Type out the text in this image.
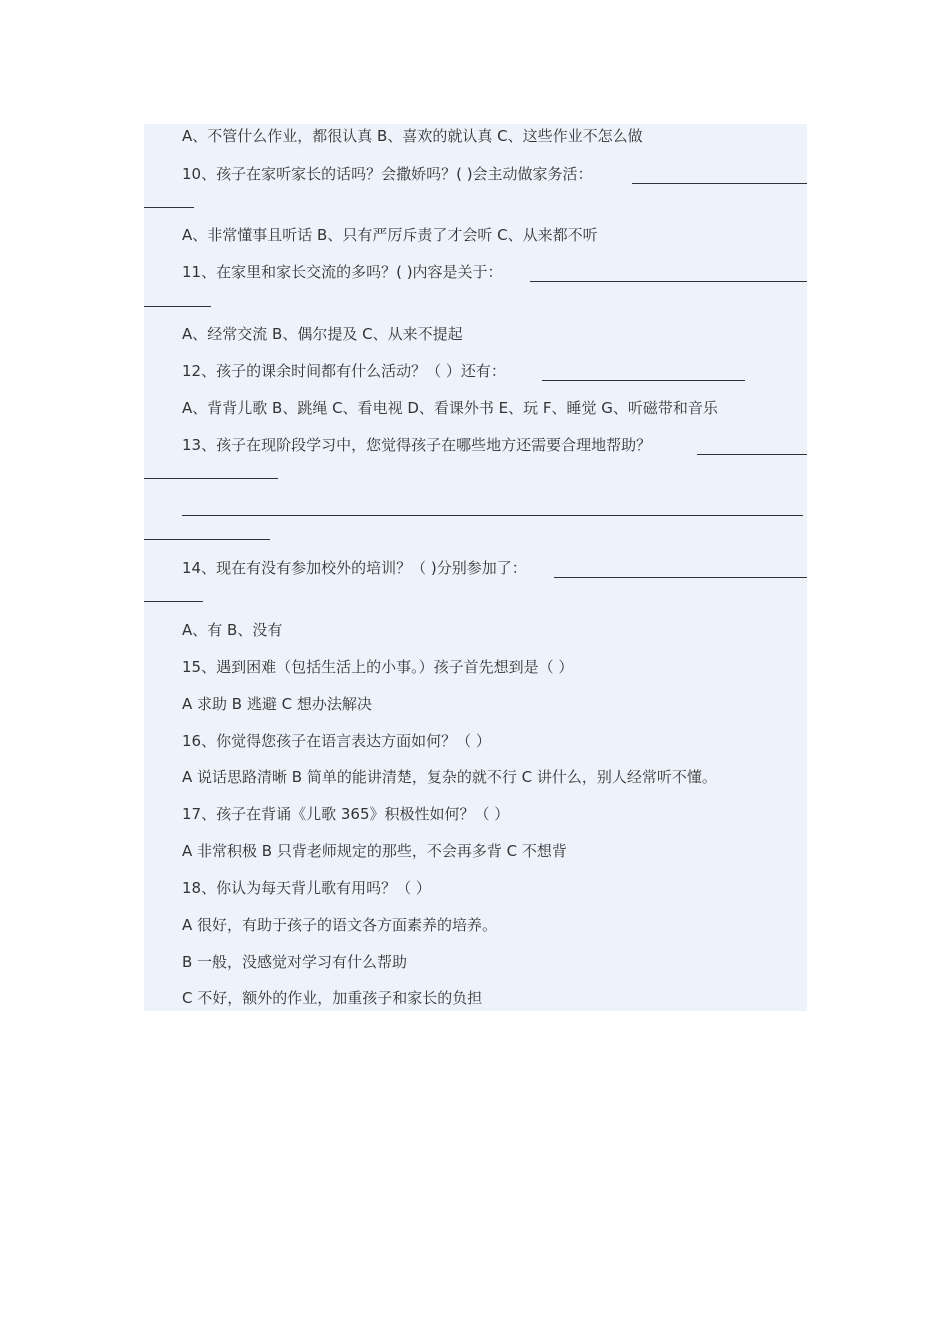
A、不管什么作业，都很认真 B、喜欢的就认真 C、这些作业不怎么做
10、孩子在家听家长的话吗？会撒娇吗？( )会主动做家务活：
A、非常懂事且听话 B、只有严厉斥责了才会听 C、从来都不听
11、在家里和家长交流的多吗？( )内容是关于：
A、经常交流 B、偶尔提及 C、从来不提起
12、孩子的课余时间都有什么活动？（ ）还有：
A、背背儿歌 B、跳绳 C、看电视 D、看课外书 E、玩 F、睡觉 G、听磁带和音乐
13、孩子在现阶段学习中，您觉得孩子在哪些地方还需要合理地帮助？
14、现在有没有参加校外的培训？（ )分别参加了：
A、有 B、没有
15、遇到困难（包括生活上的小事。）孩子首先想到是（ ）
A 求助 B 逃避 C 想办法解决
16、你觉得您孩子在语言表达方面如何？（ ）
A 说话思路清晰 B 简单的能讲清楚，复杂的就不行 C 讲什么，别人经常听不懂。
17、孩子在背诵《儿歌 365》积极性如何？（ ）
A 非常积极 B 只背老师规定的那些，不会再多背 C 不想背
18、你认为每天背儿歌有用吗？（ ）
A 很好，有助于孩子的语文各方面素养的培养。
B 一般，没感觉对学习有什么帮助
C 不好，额外的作业，加重孩子和家长的负担
